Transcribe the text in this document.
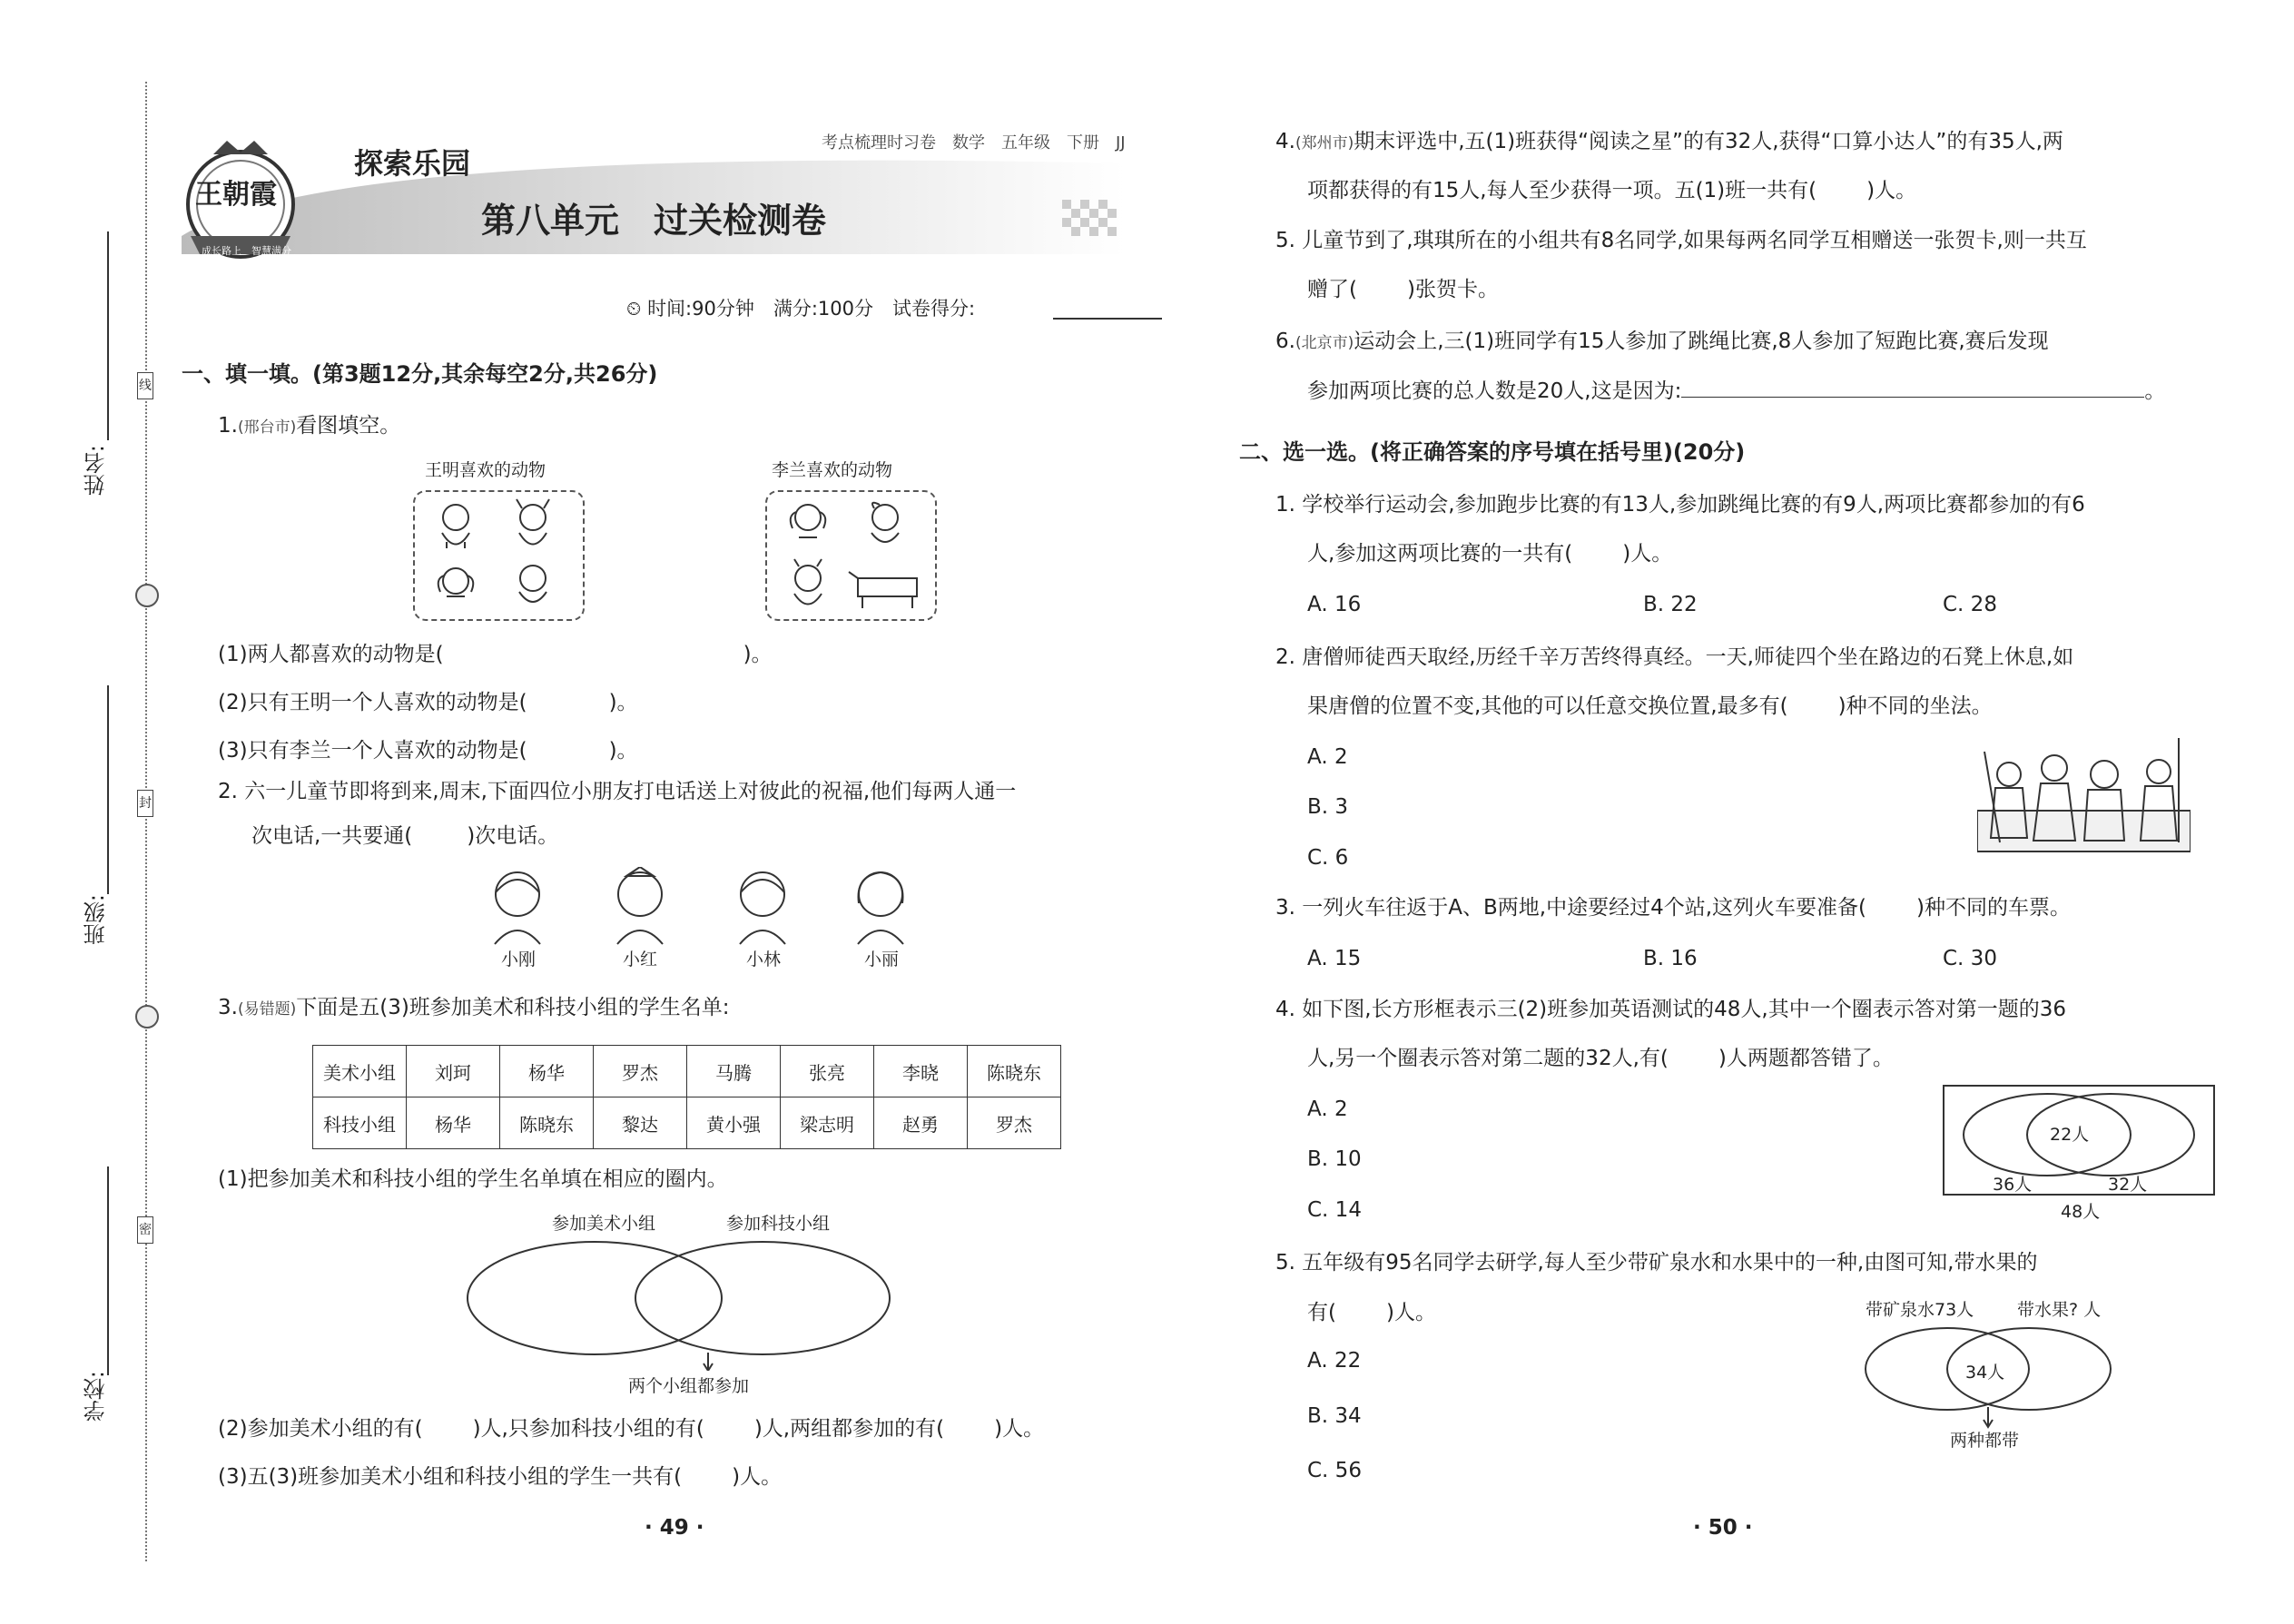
姓名:
班级:
学校:
线
封
密
考点梳理时习卷　数学　五年级　下册　JJ
王朝霞
成长路上　智慧满分
探索乐园
第八单元　过关检测卷
⏲ 时间:90分钟　满分:100分　试卷得分:
一、填一填。(第3题12分,其余每空2分,共26分)
1.(邢台市)看图填空。
王明喜欢的动物	李兰喜欢的动物
(1)两人都喜欢的动物是(	)。
(2)只有王明一个人喜欢的动物是(	)。
(3)只有李兰一个人喜欢的动物是(	)。
2. 六一儿童节即将到来,周末,下面四位小朋友打电话送上对彼此的祝福,他们每两人通一
次电话,一共要通(	)次电话。
小刚	小红	小林	小丽
3.(易错题)下面是五(3)班参加美术和科技小组的学生名单:
美术小组	刘珂	杨华	罗杰	马腾	张亮	李晓	陈晓东
科技小组	杨华	陈晓东	黎达	黄小强	梁志明	赵勇	罗杰
(1)把参加美术和科技小组的学生名单填在相应的圈内。
参加美术小组	参加科技小组
两个小组都参加
(2)参加美术小组的有( )人,只参加科技小组的有( )人,两组都参加的有( )人。
(3)五(3)班参加美术小组和科技小组的学生一共有( )人。
· 49 ·
4.(郑州市)期末评选中,五(1)班获得“阅读之星”的有32人,获得“口算小达人”的有35人,两
项都获得的有15人,每人至少获得一项。五(1)班一共有( )人。
5. 儿童节到了,琪琪所在的小组共有8名同学,如果每两名同学互相赠送一张贺卡,则一共互
赠了( )张贺卡。
6.(北京市)运动会上,三(1)班同学有15人参加了跳绳比赛,8人参加了短跑比赛,赛后发现
参加两项比赛的总人数是20人,这是因为:	。
二、选一选。(将正确答案的序号填在括号里)(20分)
1. 学校举行运动会,参加跑步比赛的有13人,参加跳绳比赛的有9人,两项比赛都参加的有6
人,参加这两项比赛的一共有( )人。
A. 16	B. 22	C. 28
2. 唐僧师徒西天取经,历经千辛万苦终得真经。一天,师徒四个坐在路边的石凳上休息,如
果唐僧的位置不变,其他的可以任意交换位置,最多有( )种不同的坐法。
A. 2
B. 3
C. 6
3. 一列火车往返于A、B两地,中途要经过4个站,这列火车要准备( )种不同的车票。
A. 15	B. 16	C. 30
4. 如下图,长方形框表示三(2)班参加英语测试的48人,其中一个圈表示答对第一题的36
人,另一个圈表示答对第二题的32人,有( )人两题都答错了。
A. 2
B. 10
C. 14
22人
36人	32人
48人
5. 五年级有95名同学去研学,每人至少带矿泉水和水果中的一种,由图可知,带水果的
有( )人。
A. 22
B. 34
C. 56
带矿泉水73人	带水果? 人
34人
两种都带
· 50 ·
